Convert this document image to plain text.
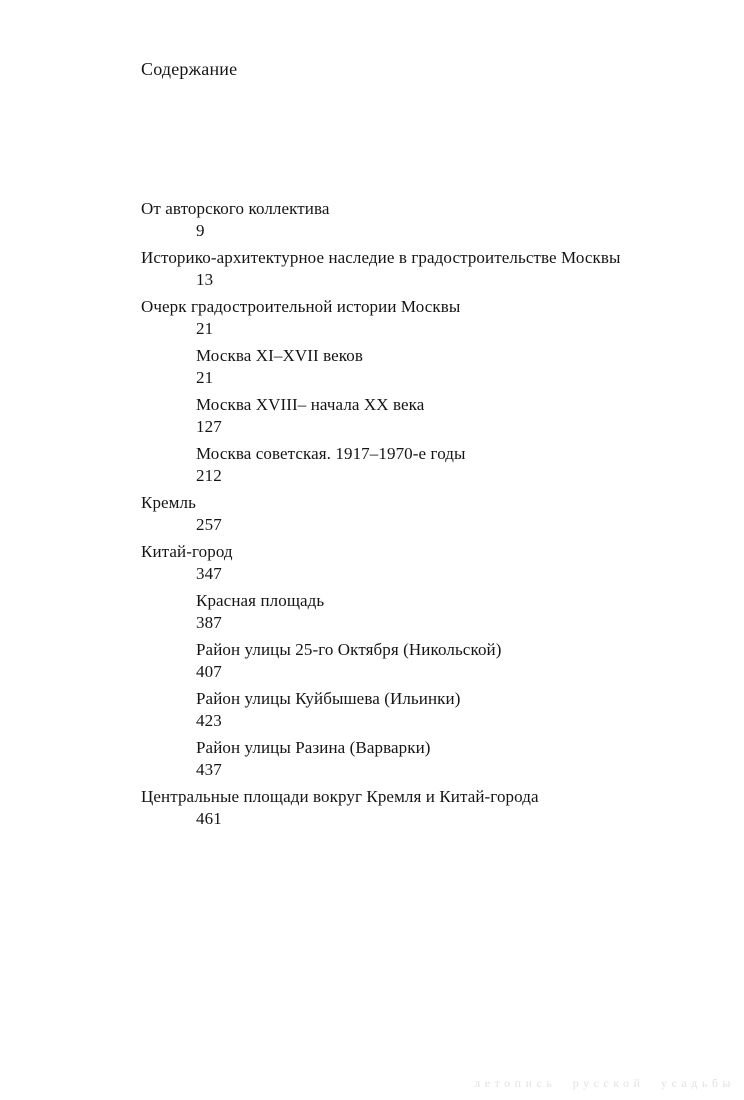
Содержание
От авторского коллектива
9
Историко-архитектурное наследие в градостроительстве Москвы
13
Очерк градостроительной истории Москвы
21
Москва XI–XVII веков
21
Москва XVIII– начала XX века
127
Москва советская. 1917–1970-е годы
212
Кремль
257
Китай-город
347
Красная площадь
387
Район улицы 25-го Октября (Никольской)
407
Район улицы Куйбышева (Ильинки)
423
Район улицы Разина (Варварки)
437
Центральные площади вокруг Кремля и Китай-города
461
летопись русской усадьбы
